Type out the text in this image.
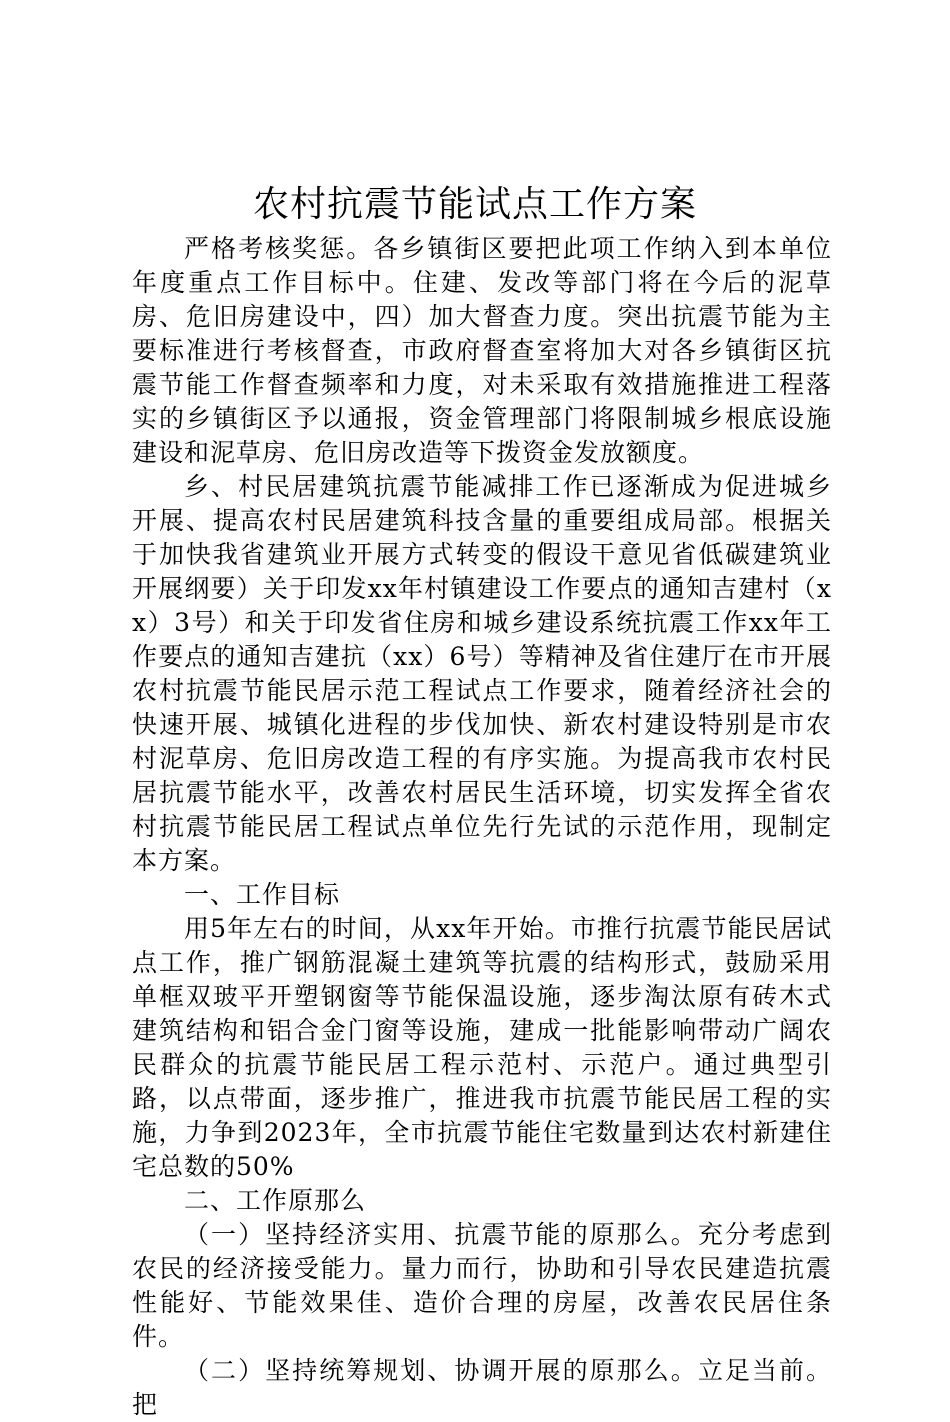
农村抗震节能试点工作方案

严格考核奖惩。各乡镇街区要把此项工作纳入到本单位年度重点工作目标中。住建、发改等部门将在今后的泥草房、危旧房建设中，四）加大督查力度。突出抗震节能为主要标准进行考核督查，市政府督查室将加大对各乡镇街区抗震节能工作督查频率和力度，对未采取有效措施推进工程落实的乡镇街区予以通报，资金管理部门将限制城乡根底设施建设和泥草房、危旧房改造等下拨资金发放额度。

乡、村民居建筑抗震节能减排工作已逐渐成为促进城乡开展、提高农村民居建筑科技含量的重要组成局部。根据关于加快我省建筑业开展方式转变的假设干意见省低碳建筑业开展纲要）关于印发xx年村镇建设工作要点的通知吉建村（xx）3号）和关于印发省住房和城乡建设系统抗震工作xx年工作要点的通知吉建抗（xx）6号）等精神及省住建厅在市开展农村抗震节能民居示范工程试点工作要求，随着经济社会的快速开展、城镇化进程的步伐加快、新农村建设特别是市农村泥草房、危旧房改造工程的有序实施。为提高我市农村民居抗震节能水平，改善农村居民生活环境，切实发挥全省农村抗震节能民居工程试点单位先行先试的示范作用，现制定本方案。

一、工作目标

用5年左右的时间，从xx年开始。市推行抗震节能民居试点工作，推广钢筋混凝土建筑等抗震的结构形式，鼓励采用单框双玻平开塑钢窗等节能保温设施，逐步淘汰原有砖木式建筑结构和铝合金门窗等设施，建成一批能影响带动广阔农民群众的抗震节能民居工程示范村、示范户。通过典型引路，以点带面，逐步推广，推进我市抗震节能民居工程的实施，力争到2023年，全市抗震节能住宅数量到达农村新建住宅总数的50%

二、工作原那么

（一）坚持经济实用、抗震节能的原那么。充分考虑到农民的经济接受能力。量力而行，协助和引导农民建造抗震性能好、节能效果佳、造价合理的房屋，改善农民居住条件。

（二）坚持统筹规划、协调开展的原那么。立足当前。把
